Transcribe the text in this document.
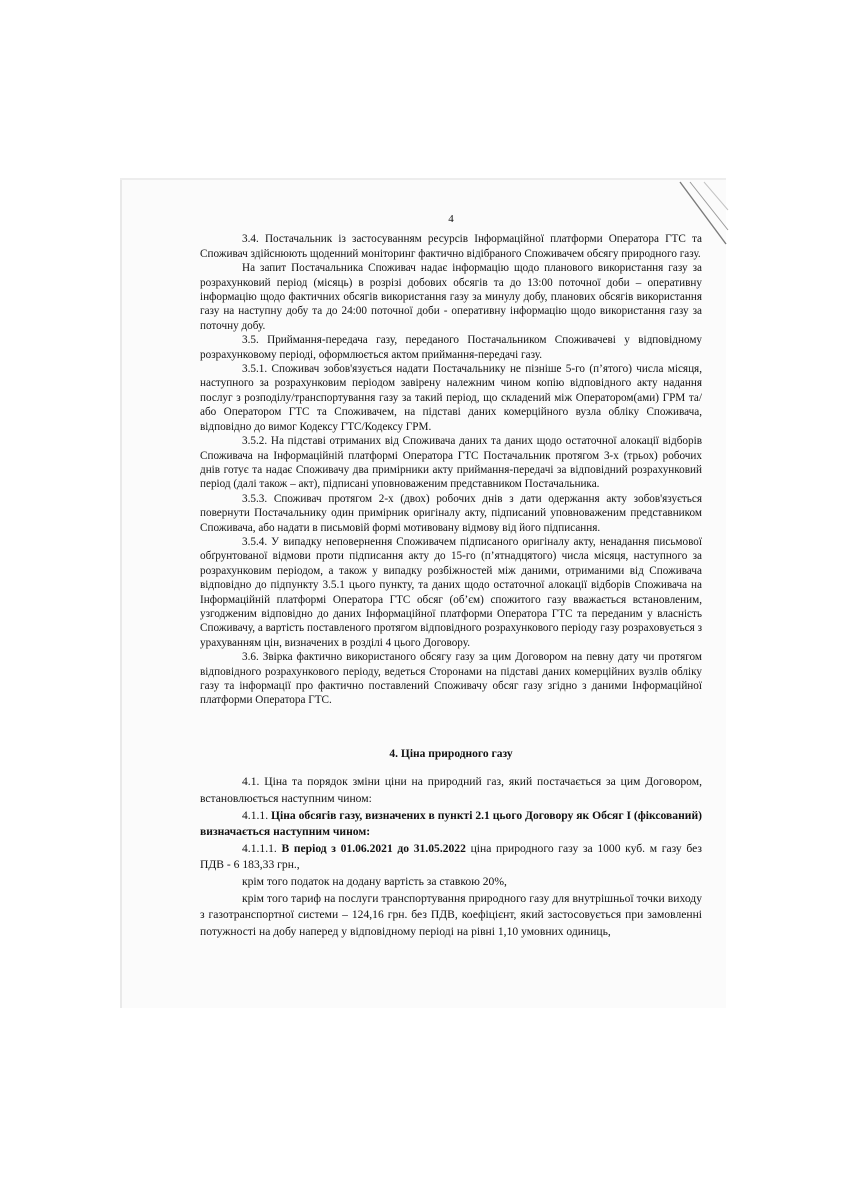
4

3.4. Постачальник із застосуванням ресурсів Інформаційної платформи Оператора ГТС та Споживач здійснюють щоденний моніторинг фактично відібраного Споживачем обсягу природного газу.

На запит Постачальника Споживач надає інформацію щодо планового використання газу за розрахунковий період (місяць) в розрізі добових обсягів та до 13:00 поточної доби – оперативну інформацію щодо фактичних обсягів використання газу за минулу добу, планових обсягів використання газу на наступну добу та до 24:00 поточної доби - оперативну інформацію щодо використання газу за поточну добу.

3.5. Приймання-передача газу, переданого Постачальником Споживачеві у відповідному розрахунковому періоді, оформлюється актом приймання-передачі газу.

3.5.1. Споживач зобов'язується надати Постачальнику не пізніше 5-го (п’ятого) числа місяця, наступного за розрахунковим періодом завірену належним чином копію відповідного акту надання послуг з розподілу/транспортування газу за такий період, що складений між Оператором(ами) ГРМ та/або Оператором ГТС та Споживачем, на підставі даних комерційного вузла обліку Споживача, відповідно до вимог Кодексу ГТС/Кодексу ГРМ.

3.5.2. На підставі отриманих від Споживача даних та даних щодо остаточної алокації відборів Споживача на Інформаційній платформі Оператора ГТС Постачальник протягом 3-х (трьох) робочих днів готує та надає Споживачу два примірники акту приймання-передачі за відповідний розрахунковий період (далі також – акт), підписані уповноваженим представником Постачальника.

3.5.3. Споживач протягом 2-х (двох) робочих днів з дати одержання акту зобов'язується повернути Постачальнику один примірник оригіналу акту, підписаний уповноваженим представником Споживача, або надати в письмовій формі мотивовану відмову від його підписання.

3.5.4. У випадку неповернення Споживачем підписаного оригіналу акту, ненадання письмової обґрунтованої відмови проти підписання акту до 15-го (п’ятнадцятого) числа місяця, наступного за розрахунковим періодом, а також у випадку розбіжностей між даними, отриманими від Споживача відповідно до підпункту 3.5.1 цього пункту, та даних щодо остаточної алокації відборів Споживача на Інформаційній платформі Оператора ГТС обсяг (об’єм) спожитого газу вважається встановленим, узгодженим відповідно до даних Інформаційної платформи Оператора ГТС та переданим у власність Споживачу, а вартість поставленого протягом відповідного розрахункового періоду газу розраховується з урахуванням цін, визначених в розділі 4 цього Договору.

3.6. Звірка фактично використаного обсягу газу за цим Договором на певну дату чи протягом відповідного розрахункового періоду, ведеться Сторонами на підставі даних комерційних вузлів обліку газу та інформації про фактично поставлений Споживачу обсяг газу згідно з даними Інформаційної платформи Оператора ГТС.

4. Ціна природного газу

4.1. Ціна та порядок зміни ціни на природний газ, який постачається за цим Договором, встановлюється наступним чином:

4.1.1. Ціна обсягів газу, визначених в пункті 2.1 цього Договору як Обсяг І (фіксований) визначається наступним чином:

4.1.1.1. В період з 01.06.2021 до 31.05.2022 ціна природного газу за 1000 куб. м газу без ПДВ - 6 183,33 грн.,

крім того податок на додану вартість за ставкою 20%,

крім того тариф на послуги транспортування природного газу для внутрішньої точки виходу з газотранспортної системи – 124,16 грн. без ПДВ, коефіцієнт, який застосовується при замовленні потужності на добу наперед у відповідному періоді на рівні 1,10 умовних одиниць,
